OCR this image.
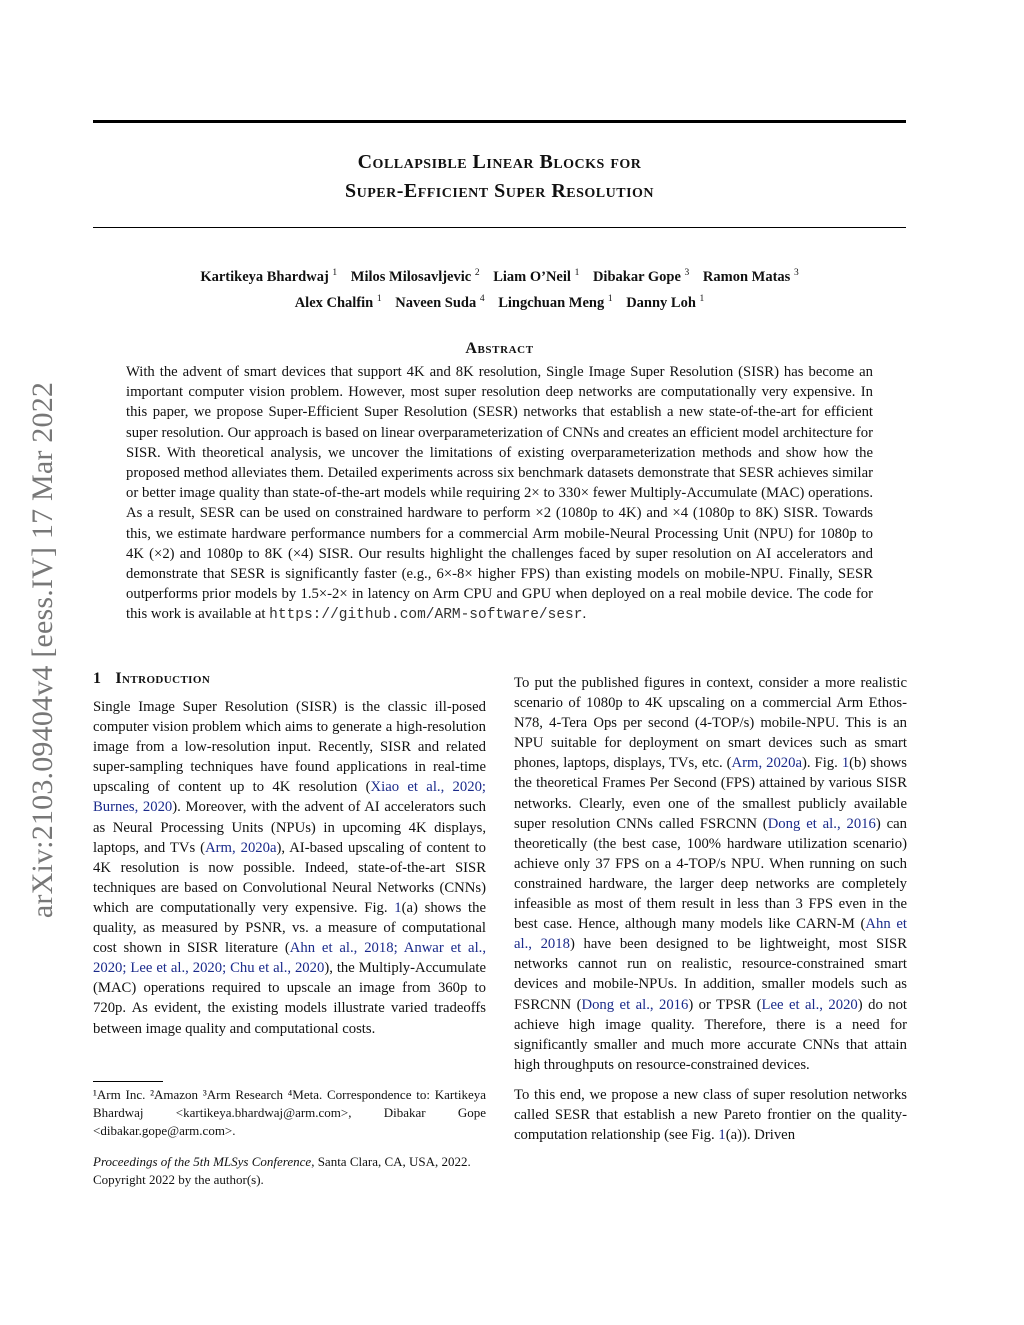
arXiv:2103.09404v4 [eess.IV] 17 Mar 2022
Collapsible Linear Blocks for
Super-Efficient Super Resolution
Kartikeya Bhardwaj $^1$ Milos Milosavljevic $^2$ Liam O’Neil $^1$ Dibakar Gope $^3$ Ramon Matas $^3$
Alex Chalfin $^1$ Naveen Suda $^4$ Lingchuan Meng $^1$ Danny Loh $^1$
Abstract
With the advent of smart devices that support 4K and 8K resolution, Single Image Super Resolution (SISR) has become an important computer vision problem. However, most super resolution deep networks are computationally very expensive. In this paper, we propose Super-Efficient Super Resolution (SESR) networks that establish a new state-of-the-art for efficient super resolution. Our approach is based on linear overparameterization of CNNs and creates an efficient model architecture for SISR. With theoretical analysis, we uncover the limitations of existing overparameterization methods and show how the proposed method alleviates them. Detailed experiments across six benchmark datasets demonstrate that SESR achieves similar or better image quality than state-of-the-art models while requiring 2× to 330× fewer Multiply-Accumulate (MAC) operations. As a result, SESR can be used on constrained hardware to perform ×2 (1080p to 4K) and ×4 (1080p to 8K) SISR. Towards this, we estimate hardware performance numbers for a commercial Arm mobile-Neural Processing Unit (NPU) for 1080p to 4K (×2) and 1080p to 8K (×4) SISR. Our results highlight the challenges faced by super resolution on AI accelerators and demonstrate that SESR is significantly faster (e.g., 6×-8× higher FPS) than existing models on mobile-NPU. Finally, SESR outperforms prior models by 1.5×-2× in latency on Arm CPU and GPU when deployed on a real mobile device. The code for this work is available at https://github.com/ARM-software/sesr.
1 Introduction

Single Image Super Resolution (SISR) is the classic ill-posed computer vision problem which aims to generate a high-resolution image from a low-resolution input. Recently, SISR and related super-sampling techniques have found applications in real-time upscaling of content up to 4K resolution (Xiao et al., 2020; Burnes, 2020). Moreover, with the advent of AI accelerators such as Neural Processing Units (NPUs) in upcoming 4K displays, laptops, and TVs (Arm, 2020a), AI-based upscaling of content to 4K resolution is now possible. Indeed, state-of-the-art SISR techniques are based on Convolutional Neural Networks (CNNs) which are computationally very expensive. Fig. 1(a) shows the quality, as measured by PSNR, vs. a measure of computational cost shown in SISR literature (Ahn et al., 2018; Anwar et al., 2020; Lee et al., 2020; Chu et al., 2020), the Multiply-Accumulate (MAC) operations required to upscale an image from 360p to 720p. As evident, the existing models illustrate varied tradeoffs between image quality and computational costs.

¹Arm Inc. ²Amazon ³Arm Research ⁴Meta. Correspondence to: Kartikeya Bhardwaj <kartikeya.bhardwaj@arm.com>, Dibakar Gope <dibakar.gope@arm.com>.
Proceedings of the 5th MLSys Conference, Santa Clara, CA, USA, 2022. Copyright 2022 by the author(s).

To put the published figures in context, consider a more realistic scenario of 1080p to 4K upscaling on a commercial Arm Ethos-N78, 4-Tera Ops per second (4-TOP/s) mobile-NPU. This is an NPU suitable for deployment on smart devices such as smart phones, laptops, displays, TVs, etc. (Arm, 2020a). Fig. 1(b) shows the theoretical Frames Per Second (FPS) attained by various SISR networks. Clearly, even one of the smallest publicly available super resolution CNNs called FSRCNN (Dong et al., 2016) can theoretically (the best case, 100% hardware utilization scenario) achieve only 37 FPS on a 4-TOP/s NPU. When running on such constrained hardware, the larger deep networks are completely infeasible as most of them result in less than 3 FPS even in the best case. Hence, although many models like CARN-M (Ahn et al., 2018) have been designed to be lightweight, most SISR networks cannot run on realistic, resource-constrained smart devices and mobile-NPUs. In addition, smaller models such as FSRCNN (Dong et al., 2016) or TPSR (Lee et al., 2020) do not achieve high image quality. Therefore, there is a need for significantly smaller and much more accurate CNNs that attain high throughputs on resource-constrained devices.

To this end, we propose a new class of super resolution networks called SESR that establish a new Pareto frontier on the quality-computation relationship (see Fig. 1(a)). Driven
